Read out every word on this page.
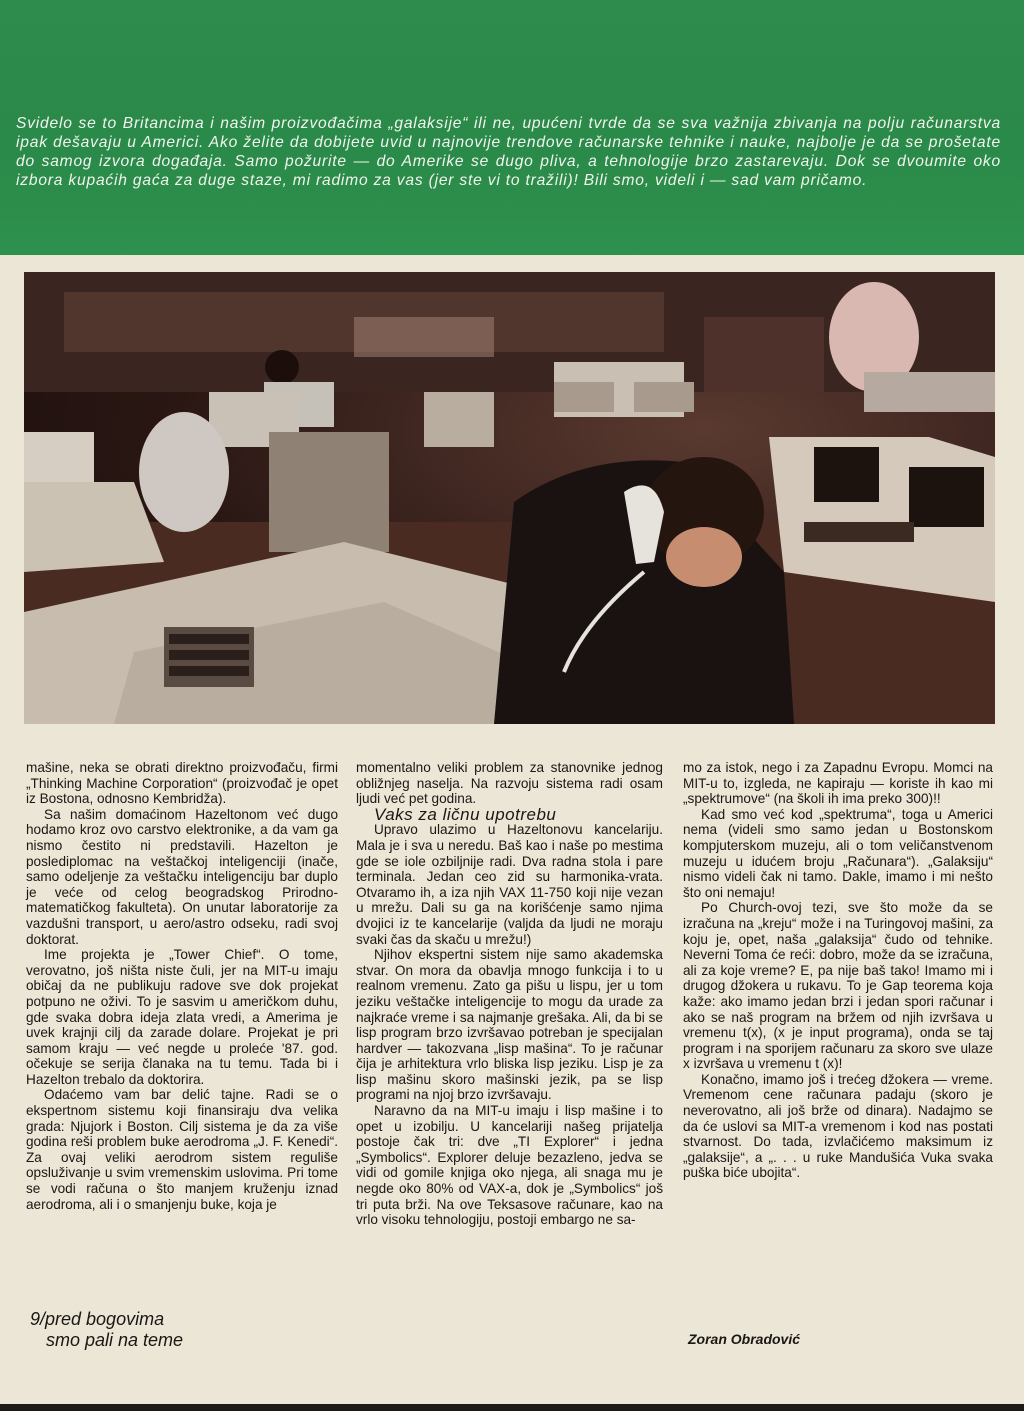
Svidelo se to Britancima i našim proizvođačima „galaksije“ ili ne, upućeni tvrde da se sva važnija zbivanja na polju računarstva ipak dešavaju u Americi. Ako želite da dobijete uvid u najnovije trendove računarske tehnike i nauke, najbolje je da se prošetate do samog izvora događaja. Samo požurite — do Amerike se dugo pliva, a tehnologije brzo zastarevaju. Dok se dvoumite oko izbora kupaćih gaća za duge staze, mi radimo za vas (jer ste vi to tražili)! Bili smo, videli i — sad vam pričamo.

mašine, neka se obrati direktno proizvođaču, firmi „Thinking Machine Corporation“ (proizvođač je opet iz Bostona, odnosno Kembridža).

Sa našim domaćinom Hazeltonom već dugo hodamo kroz ovo carstvo elektronike, a da vam ga nismo čestito ni predstavili. Hazelton je poslediplomac na veštačkoj inteligenciji (inače, samo odeljenje za veštačku inteligenciju bar duplo je veće od celog beogradskog Prirodno-matematičkog fakulteta). On unutar laboratorije za vazdušni transport, u aero/astro odseku, radi svoj doktorat.

Ime projekta je „Tower Chief“. O tome, verovatno, još ništa niste čuli, jer na MIT-u imaju običaj da ne publikuju radove sve dok projekat potpuno ne oživi. To je sasvim u američkom duhu, gde svaka dobra ideja zlata vredi, a Amerima je uvek krajnji cilj da zarade dolare. Projekat je pri samom kraju — već negde u proleće '87. god. očekuje se serija članaka na tu temu. Tada bi i Hazelton trebalo da doktorira.

Odaćemo vam bar delić tajne. Radi se o ekspertnom sistemu koji finansiraju dva velika grada: Njujork i Boston. Cilj sistema je da za više godina reši problem buke aerodroma „J. F. Kenedi“. Za ovaj veliki aerodrom sistem reguliše opsluživanje u svim vremenskim uslovima. Pri tome se vodi računa o što manjem kruženju iznad aerodroma, ali i o smanjenju buke, koja je

momentalno veliki problem za stanovnike jednog obližnjeg naselja. Na razvoju sistema radi osam ljudi već pet godina.

Vaks za ličnu upotrebu

Upravo ulazimo u Hazeltonovu kancelariju. Mala je i sva u neredu. Baš kao i naše po mestima gde se iole ozbiljnije radi. Dva radna stola i pare terminala. Jedan ceo zid su harmonika-vrata. Otvaramo ih, a iza njih VAX 11-750 koji nije vezan u mrežu. Dali su ga na korišćenje samo njima dvojici iz te kancelarije (valjda da ljudi ne moraju svaki čas da skaču u mrežu!)

Njihov ekspertni sistem nije samo akademska stvar. On mora da obavlja mnogo funkcija i to u realnom vremenu. Zato ga pišu u lispu, jer u tom jeziku veštačke inteligencije to mogu da urade za najkraće vreme i sa najmanje grešaka. Ali, da bi se lisp program brzo izvršavao potreban je specijalan hardver — takozvana „lisp mašina“. To je računar čija je arhitektura vrlo bliska lisp jeziku. Lisp je za lisp mašinu skoro mašinski jezik, pa se lisp programi na njoj brzo izvršavaju.

Naravno da na MIT-u imaju i lisp mašine i to opet u izobilju. U kancelariji našeg prijatelja postoje čak tri: dve „TI Explorer“ i jedna „Symbolics“. Explorer deluje bezazleno, jedva se vidi od gomile knjiga oko njega, ali snaga mu je negde oko 80% od VAX-a, dok je „Symbolics“ još tri puta brži. Na ove Teksasove računare, kao na vrlo visoku tehnologiju, postoji embargo ne sa-

mo za istok, nego i za Zapadnu Evropu. Momci na MIT-u to, izgleda, ne kapiraju — koriste ih kao mi „spektrumove“ (na školi ih ima preko 300)!!

Kad smo već kod „spektruma“, toga u Americi nema (videli smo samo jedan u Bostonskom kompjuterskom muzeju, ali o tom veličanstvenom muzeju u idućem broju „Računara“). „Galaksiju“ nismo videli čak ni tamo. Dakle, imamo i mi nešto što oni nemaju!

Po Church-ovoj tezi, sve što može da se izračuna na „kreju“ može i na Turingovoj mašini, za koju je, opet, naša „galaksija“ čudo od tehnike. Neverni Toma će reći: dobro, može da se izračuna, ali za koje vreme? E, pa nije baš tako! Imamo mi i drugog džokera u rukavu. To je Gap teorema koja kaže: ako imamo jedan brzi i jedan spori računar i ako se naš program na bržem od njih izvršava u vremenu t(x), (x je input programa), onda se taj program i na sporijem računaru za skoro sve ulaze x izvršava u vremenu t (x)!

Konačno, imamo još i trećeg džokera — vreme. Vremenom cene računara padaju (skoro je neverovatno, ali još brže od dinara). Nadajmo se da će uslovi sa MIT-a vremenom i kod nas postati stvarnost. Do tada, izvlačićemo maksimum iz „galaksije“, a „. . . u ruke Mandušića Vuka svaka puška biće ubojita“.

9/pred bogovima
smo pali na teme	Zoran Obradović
